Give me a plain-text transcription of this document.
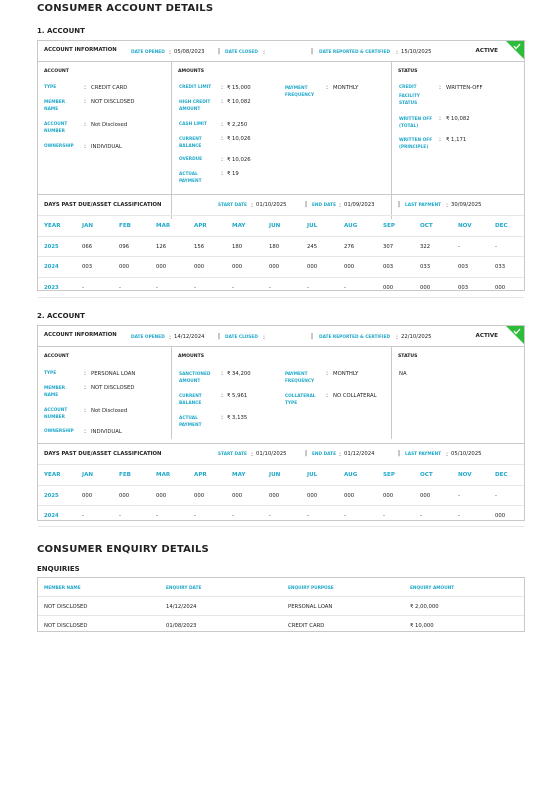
CONSUMER ACCOUNT DETAILS
1. ACCOUNT
ACCOUNT INFORMATION	DATE OPENED : 05/08/2023 | DATE CLOSED :	| DATE REPORTED & CERTIFIED : 15/10/2025	ACTIVE
ACCOUNT	AMOUNTS	STATUS
TYPE	: CREDIT CARD
MEMBER NAME
: NOT DISCLOSED
ACCOUNT NUMBER
: Not Disclosed
OWNERSHIP : INDIVIDUAL
CREDIT LIMIT : ₹ 15,000
HIGH CREDIT AMOUNT
: ₹ 10,082
CASH LIMIT : ₹ 2,250
CURRENT BALANCE
: ₹ 10,026
OVERDUE	: ₹ 10,026
ACTUAL PAYMENT
: ₹ 19
PAYMENT FREQUENCY
: MONTHLY	CREDIT
FACILITY STATUS
: WRITTEN-OFF
WRITTEN OFF (TOTAL)
: ₹ 10,082
WRITTEN OFF (PRINCIPLE)
: ₹ 1,171
DAYS PAST DUE/ASSET CLASSIFICATION	START DATE : 01/10/2025	| END DATE : 01/09/2023	| LAST PAYMENT : 30/09/2025
YEAR	JAN	FEB	MAR	APR	MAY	JUN	JUL	AUG	SEP	OCT	NOV	DEC
2025	066	096	126	156	180	180	245	276	307	322	-	-
2024	003	000	000	000	000	000	000	000	003	033	003	033
2023	-	-	-	-	-	-	-	-	000	000	003	000
2. ACCOUNT
ACCOUNT INFORMATION	DATE OPENED : 14/12/2024 | DATE CLOSED :	| DATE REPORTED & CERTIFIED : 22/10/2025	ACTIVE
ACCOUNT	AMOUNTS	STATUS
TYPE	: PERSONAL LOAN
MEMBER NAME
: NOT DISCLOSED
ACCOUNT NUMBER
: Not Disclosed
OWNERSHIP : INDIVIDUAL
SANCTIONED AMOUNT
: ₹ 34,200
CURRENT BALANCE
: ₹ 5,961
ACTUAL PAYMENT
: ₹ 3,135
PAYMENT FREQUENCY
: MONTHLY
COLLATERAL TYPE
: NO COLLATERAL
NA
DAYS PAST DUE/ASSET CLASSIFICATION	START DATE : 01/10/2025	| END DATE : 01/12/2024	| LAST PAYMENT : 05/10/2025
YEAR	JAN	FEB	MAR	APR	MAY	JUN	JUL	AUG	SEP	OCT	NOV	DEC
2025	000	000	000	000	000	000	000	000	000	000	-	-
2024	-	-	-	-	-	-	-	-	-	-	-	000
CONSUMER ENQUIRY DETAILS
ENQUIRIES
MEMBER NAME	ENQUIRY DATE	ENQUIRY PURPOSE	ENQUIRY AMOUNT
NOT DISCLOSED	14/12/2024	PERSONAL LOAN	₹ 2,00,000
NOT DISCLOSED	01/08/2023	CREDIT CARD	₹ 10,000
